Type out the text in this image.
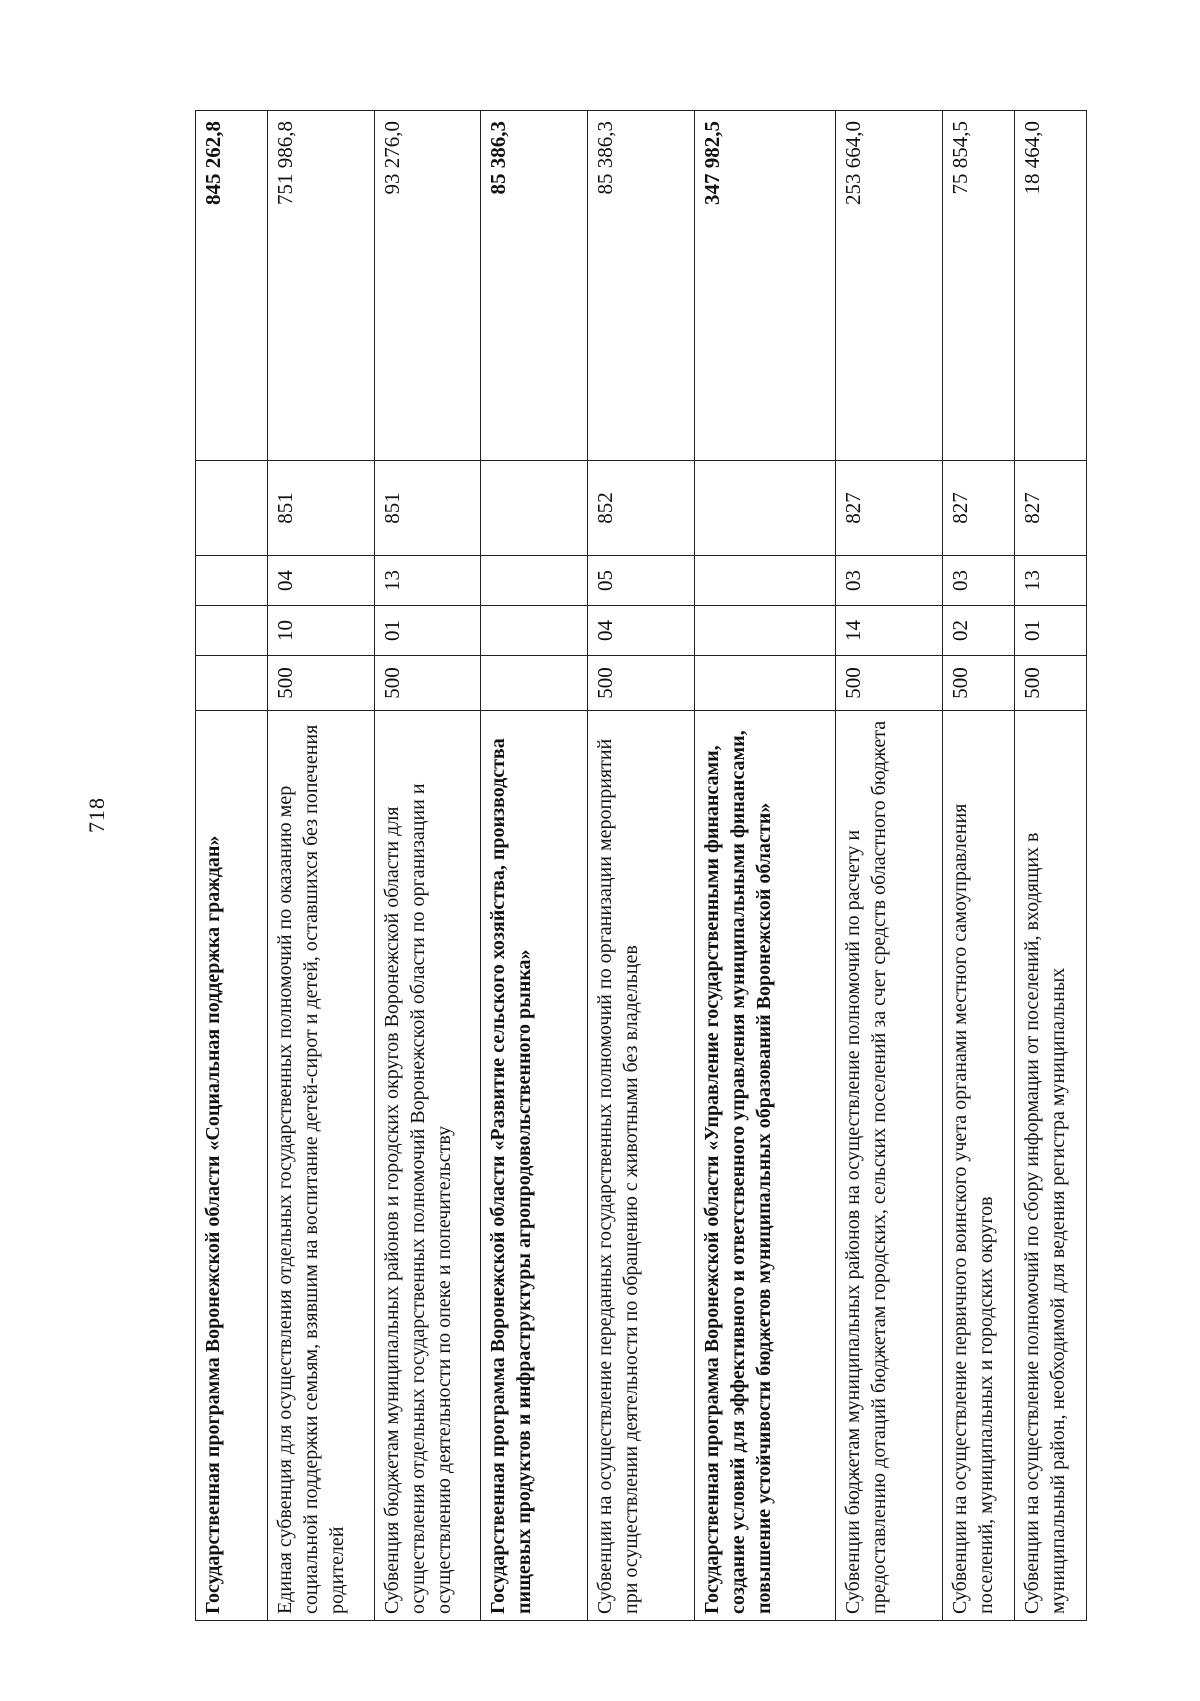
718
Государственная программа Воронежской области «Социальная поддержка граждан»					845 262,8
Единая субвенция для осуществления отдельных государственных полномочий по оказанию мер социальной поддержки семьям, взявшим на воспитание детей-сирот и детей, оставшихся без попечения родителей	500	10	04	851	751 986,8
Субвенция бюджетам муниципальных районов и городских округов Воронежской области для осуществления отдельных государственных полномочий Воронежской области по организации и осуществлению деятельности по опеке и попечительству	500	01	13	851	93 276,0
Государственная программа Воронежской области «Развитие сельского хозяйства, производства пищевых продуктов и инфраструктуры агропродовольственного рынка»					85 386,3
Субвенции на осуществление переданных государственных полномочий по организации мероприятий при осуществлении деятельности по обращению с животными без владельцев	500	04	05	852	85 386,3
Государственная программа Воронежской области «Управление государственными финансами, создание условий для эффективного и ответственного управления муниципальными финансами, повышение устойчивости бюджетов муниципальных образований Воронежской области»					347 982,5
Субвенции бюджетам муниципальных районов на осуществление полномочий по расчету и предоставлению дотаций бюджетам городских, сельских поселений за счет средств областного бюджета	500	14	03	827	253 664,0
Субвенции на осуществление первичного воинского учета органами местного самоуправления поселений, муниципальных и городских округов	500	02	03	827	75 854,5
Субвенции на осуществление полномочий по сбору информации от поселений, входящих в муниципальный район, необходимой для ведения регистра муниципальных	500	01	13	827	18 464,0
